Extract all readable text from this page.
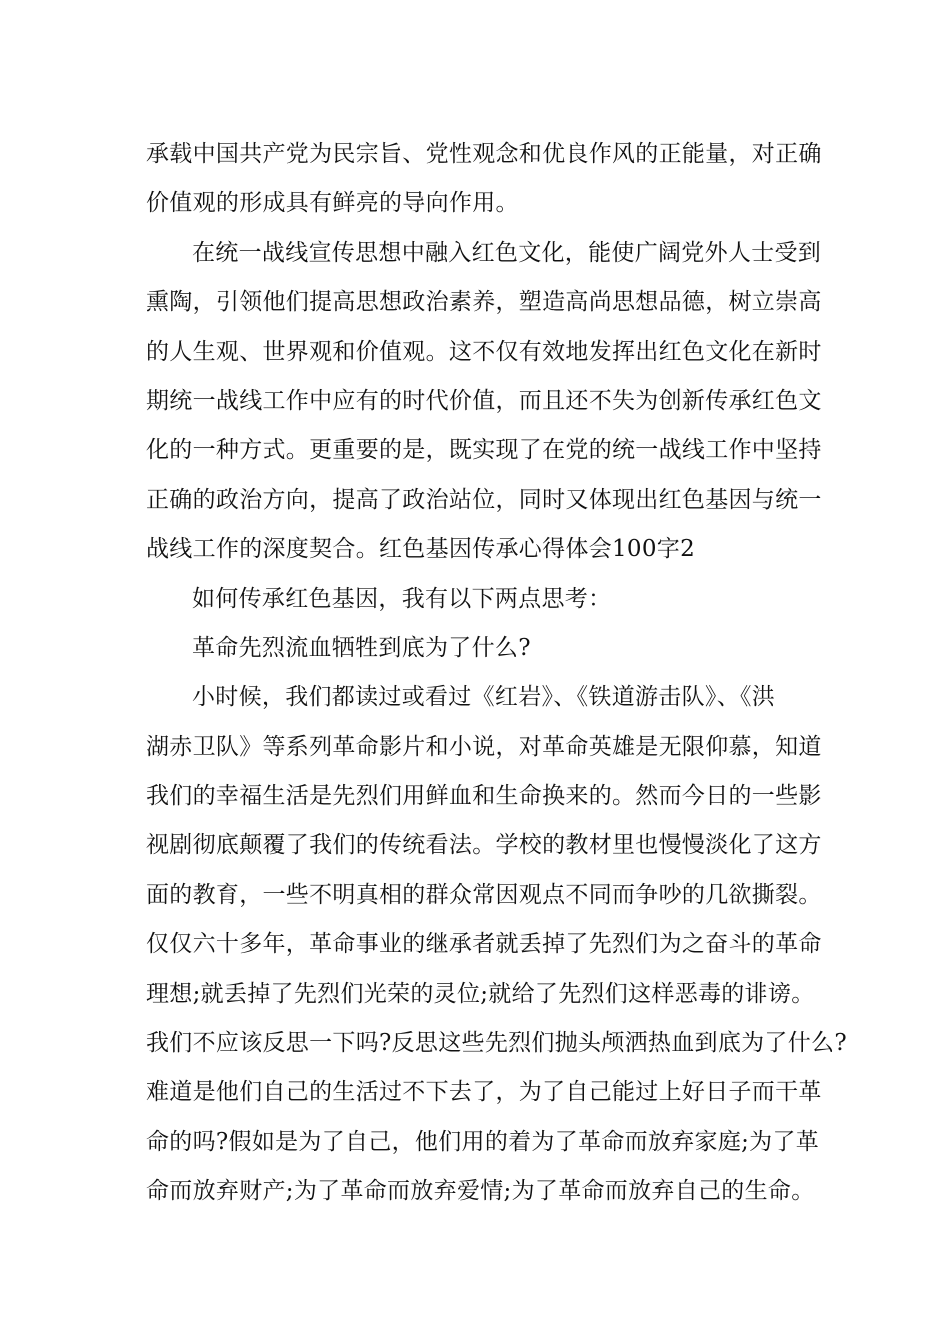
承载中国共产党为民宗旨、党性观念和优良作风的正能量，对正确
价值观的形成具有鲜亮的导向作用。
在统一战线宣传思想中融入红色文化，能使广阔党外人士受到
熏陶，引领他们提高思想政治素养，塑造高尚思想品德，树立崇高
的人生观、世界观和价值观。这不仅有效地发挥出红色文化在新时
期统一战线工作中应有的时代价值，而且还不失为创新传承红色文
化的一种方式。更重要的是，既实现了在党的统一战线工作中坚持
正确的政治方向，提高了政治站位，同时又体现出红色基因与统一
战线工作的深度契合。红色基因传承心得体会100字2
如何传承红色基因，我有以下两点思考：
革命先烈流血牺牲到底为了什么?
小时候，我们都读过或看过《红岩》、《铁道游击队》、《洪
湖赤卫队》等系列革命影片和小说，对革命英雄是无限仰慕，知道
我们的幸福生活是先烈们用鲜血和生命换来的。然而今日的一些影
视剧彻底颠覆了我们的传统看法。学校的教材里也慢慢淡化了这方
面的教育，一些不明真相的群众常因观点不同而争吵的几欲撕裂。
仅仅六十多年，革命事业的继承者就丢掉了先烈们为之奋斗的革命
理想;就丢掉了先烈们光荣的灵位;就给了先烈们这样恶毒的诽谤。
我们不应该反思一下吗?反思这些先烈们抛头颅洒热血到底为了什么?
难道是他们自己的生活过不下去了，为了自己能过上好日子而干革
命的吗?假如是为了自己，他们用的着为了革命而放弃家庭;为了革
命而放弃财产;为了革命而放弃爱情;为了革命而放弃自己的生命。
